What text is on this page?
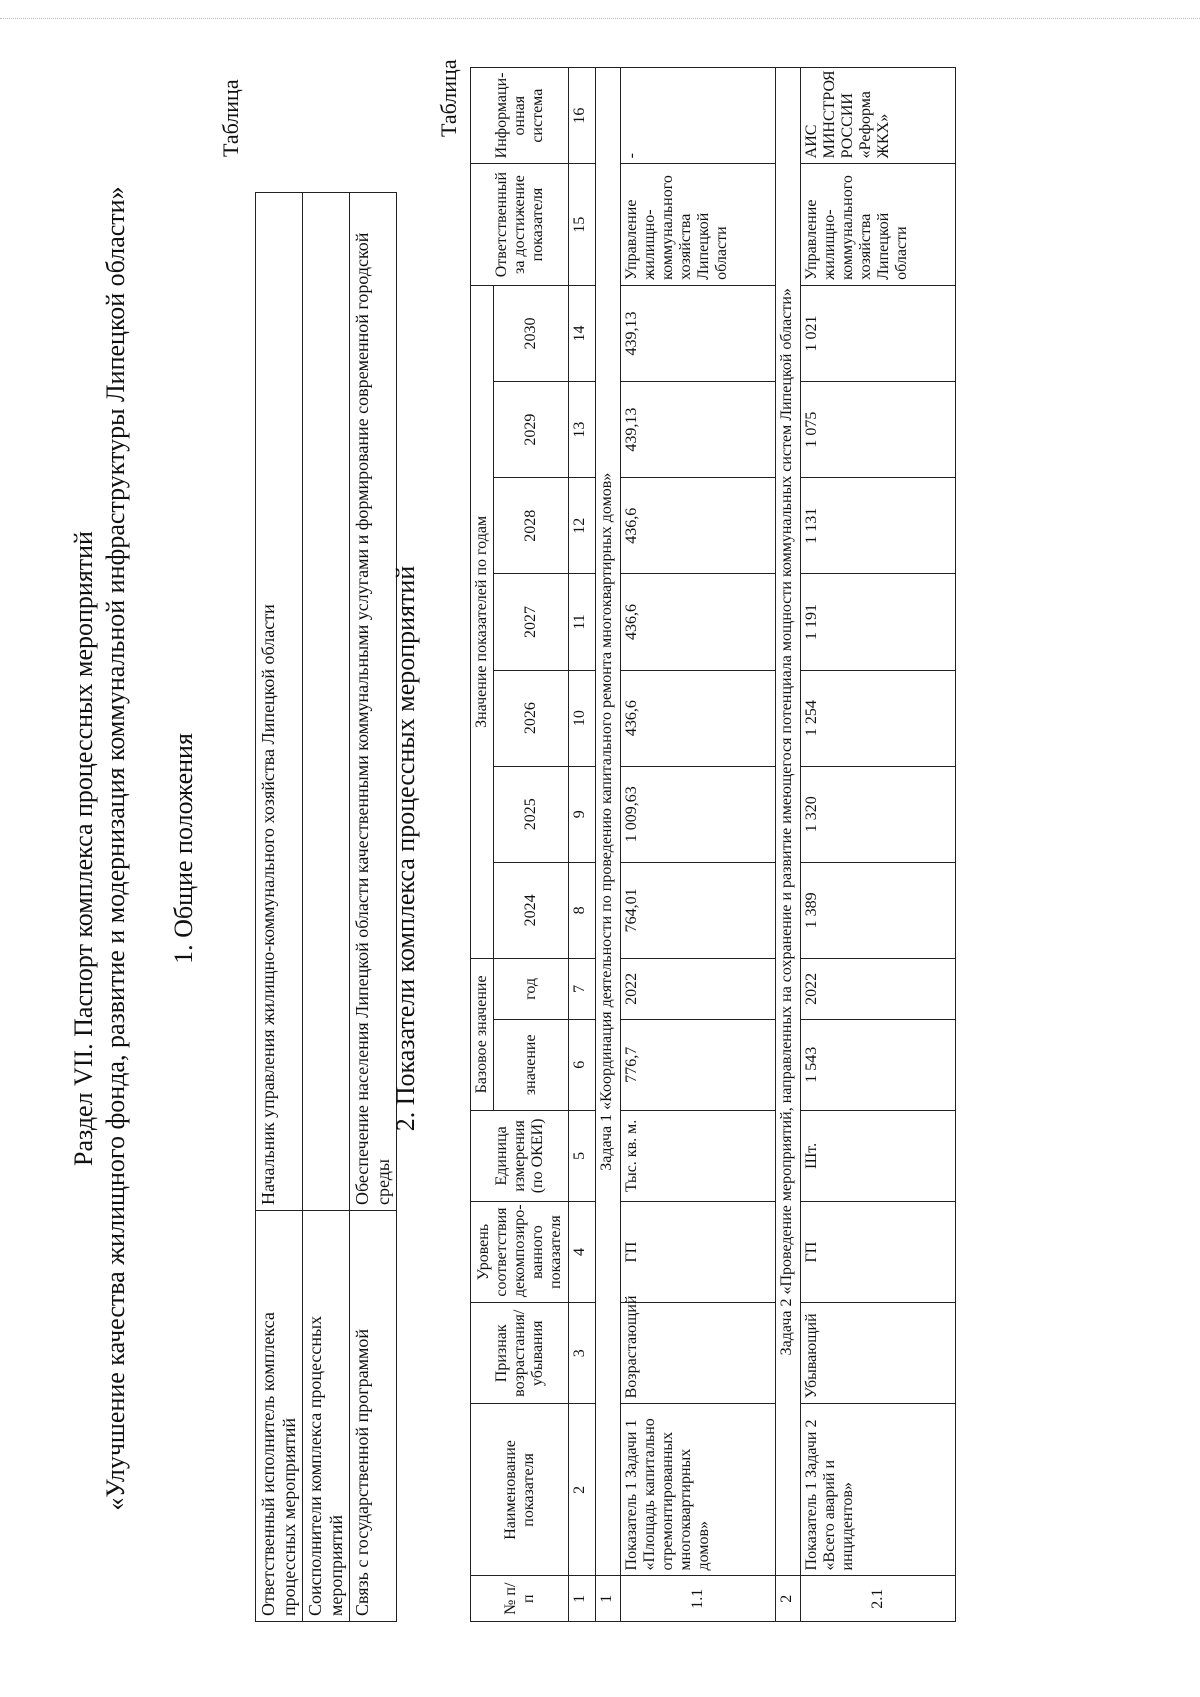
Раздел VII. Паспорт комплекса процессных мероприятий «Улучшение качества жилищного фонда, развитие и модернизация коммунальной инфраструктуры Липецкой области» 1. Общие положения
Таблица
Ответственный исполнитель комплекса процессных мероприятий	Начальник управления жилищно-коммунального хозяйства Липецкой области
Соисполнители комплекса процессных мероприятий	
Связь с государственной программой	Обеспечение населения Липецкой области качественными коммунальными услугами и формирование современной городской среды
2. Показатели комплекса процессных мероприятий
Таблица
№ п/п	Наименование показателя	Признак возрастания/ убывания	Уровень соответствия декомпозиро-ванного показателя	Единица измерения (по ОКЕИ)	Базовое значение		Значение показателей по годам							Ответственный за достижение показателя	Информаци-онная система
					значение	год	2024	2025	2026	2027	2028	2029	2030		
1	2	3	4	5	6	7	8	9	10	11	12	13	14	15	16
1	Задача 1 «Координация деятельности по проведению капитального ремонта многоквартирных домов»														
1.1	Показатель 1 Задачи 1 «Площадь капитально отремонтированных многоквартирных домов»	Возрастающий	ГП	Тыс. кв. м.	776,7	2022	764,01	1 009,63	436,6	436,6	436,6	439,13	439,13	Управление жилищно-коммунального хозяйства Липецкой области	-
2	Задача 2 «Проведение мероприятий, направленных на сохранение и развитие имеющегося потенциала мощности коммунальных систем Липецкой области»														
2.1	Показатель 1 Задачи 2 «Всего аварий и инцидентов»	Убывающий	ГП	Шт.	1 543	2022	1 389	1 320	1 254	1 191	1 131	1 075	1 021	Управление жилищно-коммунального хозяйства Липецкой области	АИС МИНСТРОЯ РОССИИ «Реформа ЖКХ»
